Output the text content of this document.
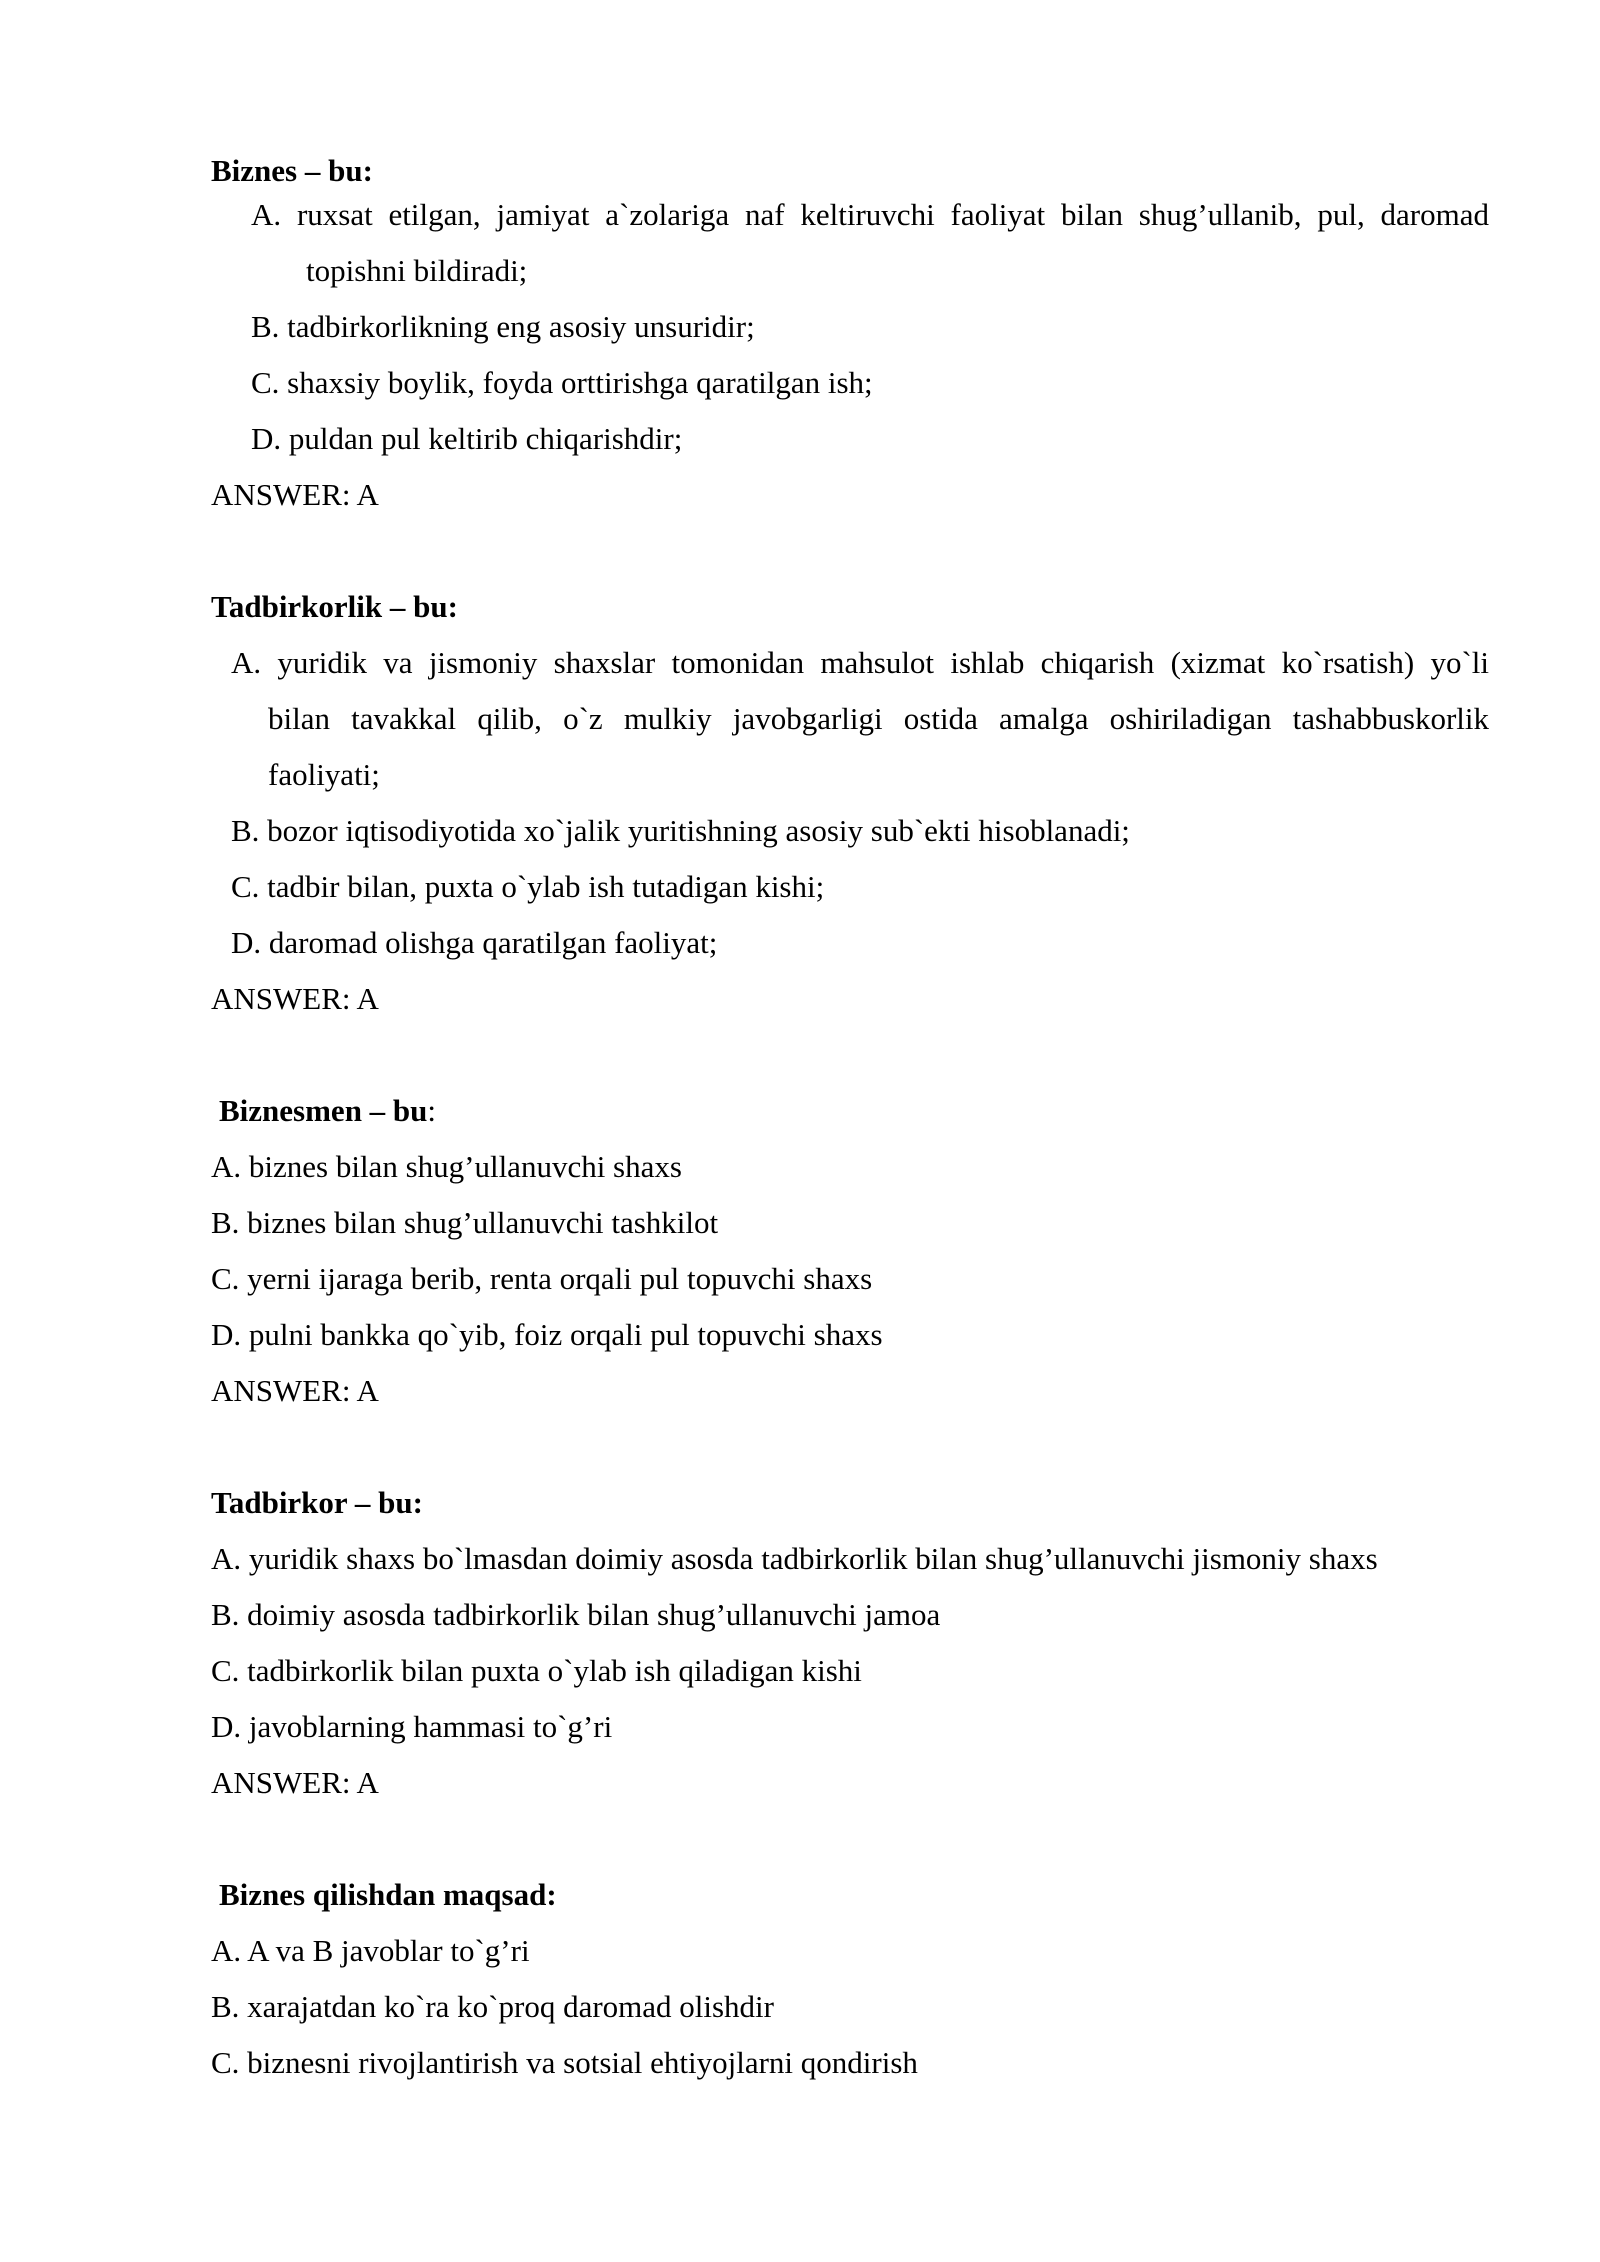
Biznes – bu:
A. ruxsat etilgan, jamiyat a`zolariga naf keltiruvchi faoliyat bilan shug’ullanib, pul, daromad
topishni bildiradi;
B. tadbirkorlikning eng asosiy unsuridir;
C. shaxsiy boylik, foyda orttirishga qaratilgan ish;
D. puldan pul keltirib chiqarishdir;
ANSWER: A
Tadbirkorlik – bu:
A. yuridik va jismoniy shaxslar tomonidan mahsulot ishlab chiqarish (xizmat ko`rsatish) yo`li
bilan tavakkal qilib, o`z mulkiy javobgarligi ostida amalga oshiriladigan tashabbuskorlik
faoliyati;
B. bozor iqtisodiyotida xo`jalik yuritishning asosiy sub`ekti hisoblanadi;
C. tadbir bilan, puxta o`ylab ish tutadigan kishi;
D. daromad olishga qaratilgan faoliyat;
ANSWER: A
Biznesmen – bu:
A. biznes bilan shug’ullanuvchi shaxs
B. biznes bilan shug’ullanuvchi tashkilot
C. yerni ijaraga berib, renta orqali pul topuvchi shaxs
D. pulni bankka qo`yib, foiz orqali pul topuvchi shaxs
ANSWER: A
Tadbirkor – bu:
A. yuridik shaxs bo`lmasdan doimiy asosda tadbirkorlik bilan shug’ullanuvchi jismoniy shaxs
B. doimiy asosda tadbirkorlik bilan shug’ullanuvchi jamoa
C. tadbirkorlik bilan puxta o`ylab ish qiladigan kishi
D. javoblarning hammasi to`g’ri
ANSWER: A
Biznes qilishdan maqsad:
A. A va B javoblar to`g’ri
B. xarajatdan ko`ra ko`proq daromad olishdir
C. biznesni rivojlantirish va sotsial ehtiyojlarni qondirish
